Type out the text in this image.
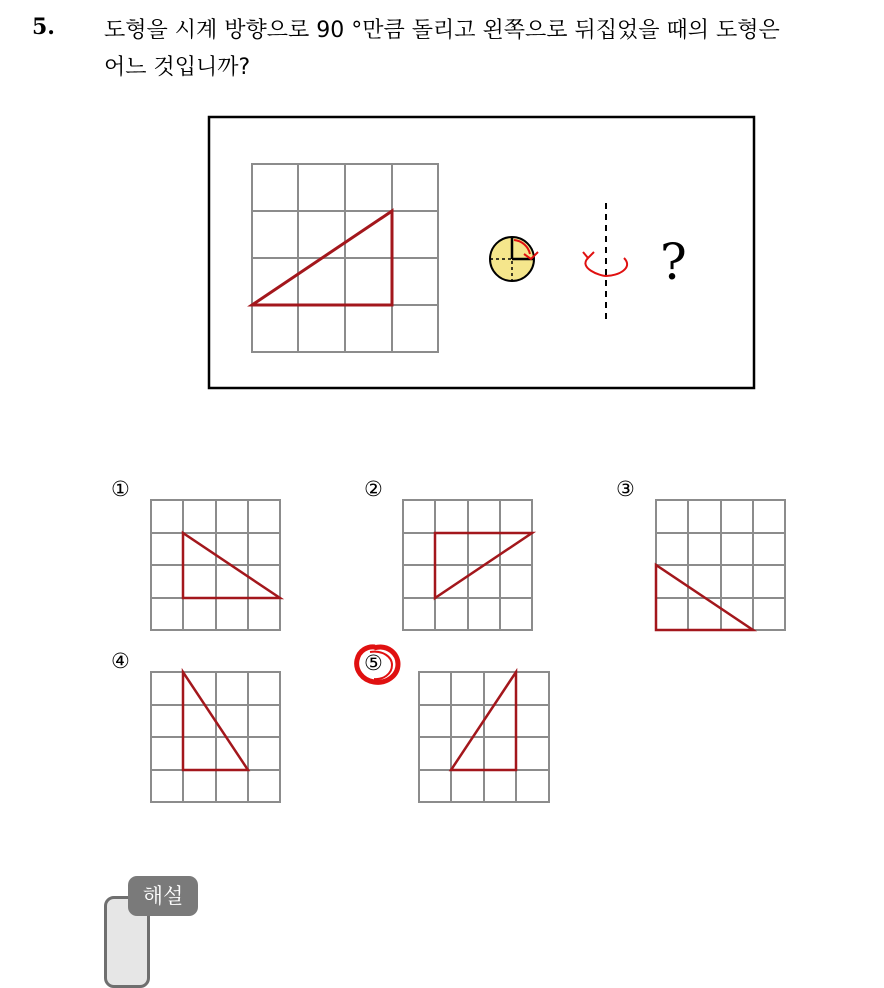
5. 도형을 시계 방향으로 90 °만큼 돌리고 왼쪽으로 뒤집었을 때의 도형은
어느 것입니까?
?
①	②	③
④	⑤
해설
